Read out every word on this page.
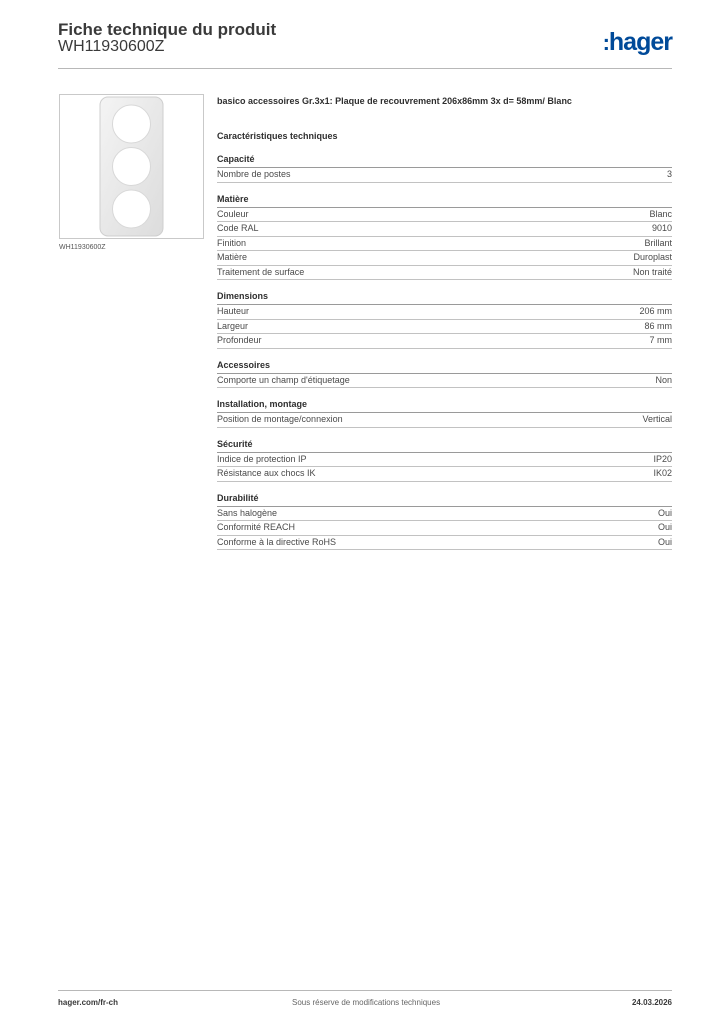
Fiche technique du produit
WH11930600Z	:hager
WH11930600Z
basico accessoires Gr.3x1: Plaque de recouvrement 206x86mm 3x d= 58mm/ Blanc
Caractéristiques techniques
Capacité
Nombre de postes	3
Matière
Couleur	Blanc
Code RAL	9010
Finition	Brillant
Matière	Duroplast
Traitement de surface	Non traité
Dimensions
Hauteur	206 mm
Largeur	86 mm
Profondeur	7 mm
Accessoires
Comporte un champ d'étiquetage	Non
Installation, montage
Position de montage/connexion	Vertical
Sécurité
Indice de protection IP	IP20
Résistance aux chocs IK	IK02
Durabilité
Sans halogène	Oui
Conformité REACH	Oui
Conforme à la directive RoHS	Oui
hager.com/fr-ch	Sous réserve de modifications techniques	24.03.2026
